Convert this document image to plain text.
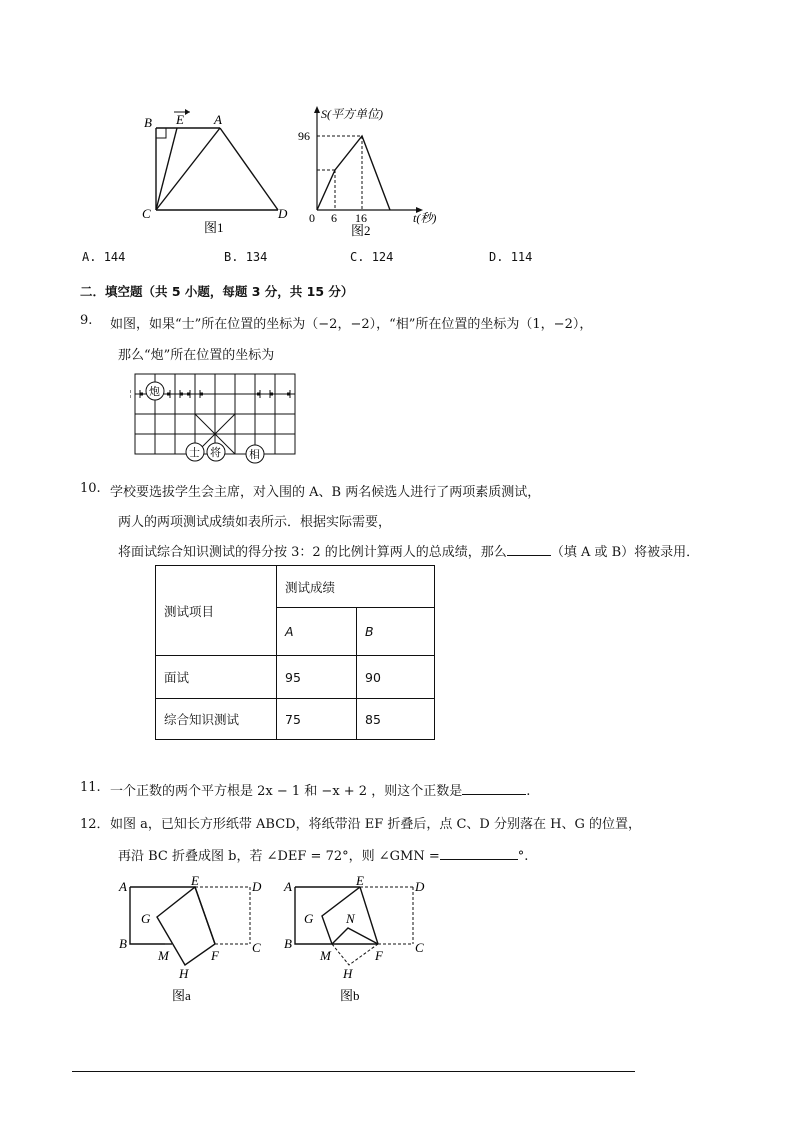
B E A
C	D
图1
S(平方单位)
96
0 6 16	t(秒)
图2
A. 144	B. 134	C. 124	D. 114
二．填空题（共 5 小题，每题 3 分，共 15 分）
9. 如图，如果“士”所在位置的坐标为（−2，−2），“相”所在位置的坐标为（1，−2），
那么“炮”所在位置的坐标为
炮
士 将	相
10. 学校要选拔学生会主席，对入围的 A、B 两名候选人进行了两项素质测试，
两人的两项测试成绩如表所示．根据实际需要，
将面试综合知识测试的得分按 3：2 的比例计算两人的总成绩，那么	（填 A 或 B）将被录用．
测试项目	测试成绩	
	A	B
面试	95	90
综合知识测试	75	85
11. 一个正数的两个平方根是 2x − 1 和 −x + 2 ，则这个正数是	.
12． 如图 a，已知长方形纸带 ABCD，将纸带沿 EF 折叠后，点 C、D 分别落在 H、G 的位置，
再沿 BC 折叠成图 b，若 ∠DEF = 72°，则 ∠GMN =	°.
A	E	D
G
B
M	F
C
H
图a
A	E	D
G	N
B
M	F
C
H
图b
